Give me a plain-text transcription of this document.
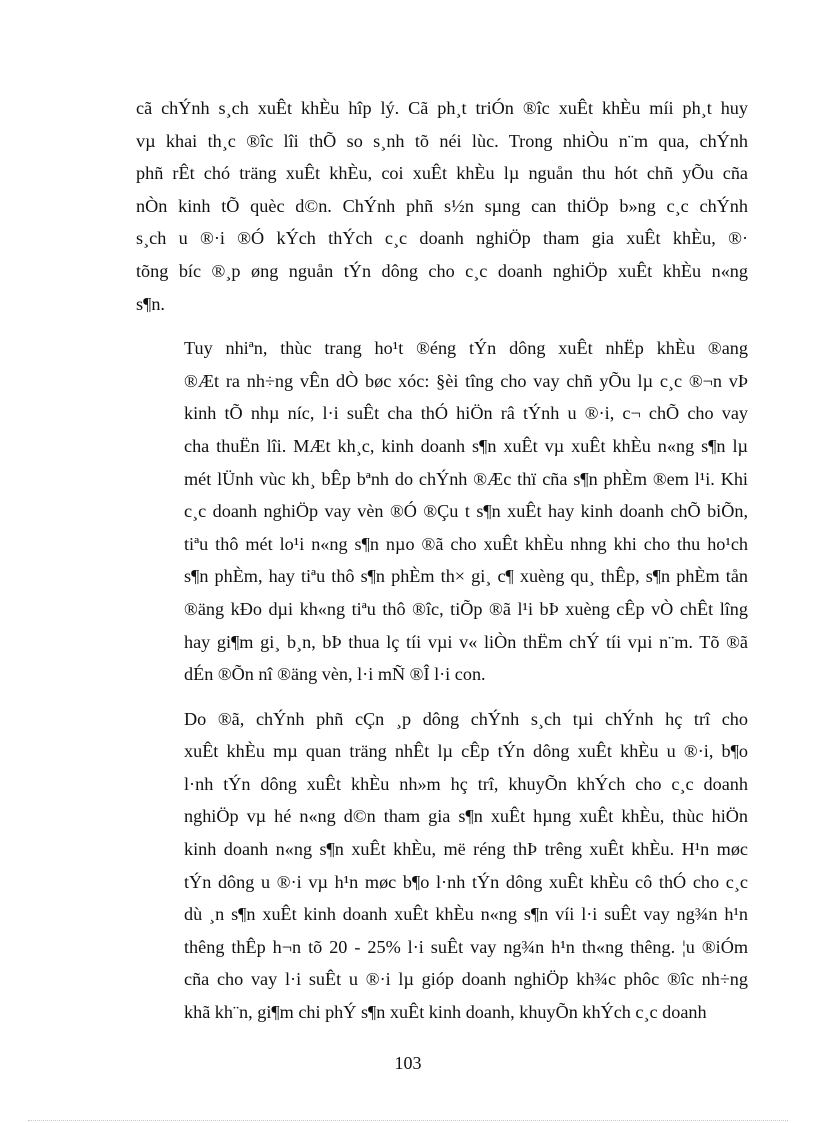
cã chÝnh s¸ch xuÊt khÈu hîp lý. Cã ph¸t triÓn ®îc xuÊt khÈu míi ph¸t huy
vµ khai th¸c ®îc lîi thÕ so s¸nh tõ néi lùc. Trong nhiÒu n¨m qua, chÝnh
phñ rÊt chó träng xuÊt khÈu, coi xuÊt khÈu lµ nguån thu hót chñ yÕu cña
nÒn kinh tÕ quèc d©n. ChÝnh phñ s½n sµng can thiÖp b»ng c¸c chÝnh
s¸ch u ®·i ®Ó kÝch thÝch c¸c doanh nghiÖp tham gia xuÊt khÈu, ®·
tõng bíc ®¸p øng nguån tÝn dông cho c¸c doanh nghiÖp xuÊt khÈu n«ng
s¶n.

Tuy nhiªn, thùc trang ho¹t ®éng tÝn dông xuÊt nhËp khÈu ®ang
®Æt ra nh÷ng vÊn dÒ bøc xóc: §èi tîng cho vay chñ yÕu lµ c¸c ®¬n vÞ
kinh tÕ nhµ níc, l·i suÊt cha thÓ hiÖn râ tÝnh u ®·i, c¬ chÕ cho vay
cha thuËn lîi. MÆt kh¸c, kinh doanh s¶n xuÊt vµ xuÊt khÈu n«ng s¶n lµ
mét lÜnh vùc kh¸ bÊp bªnh do chÝnh ®Æc thï cña s¶n phÈm ®em l¹i. Khi
c¸c doanh nghiÖp vay vèn ®Ó ®Çu t s¶n xuÊt hay kinh doanh chÕ biÕn,
tiªu thô mét lo¹i n«ng s¶n nµo ®ã cho xuÊt khÈu nhng khi cho thu ho¹ch
s¶n phÈm, hay tiªu thô s¶n phÈm th× gi¸ c¶ xuèng qu¸ thÊp, s¶n phÈm tån
®äng kÐo dµi kh«ng tiªu thô ®îc, tiÕp ®ã l¹i bÞ xuèng cÊp vÒ chÊt lîng
hay gi¶m gi¸ b¸n, bÞ thua lç tíi vµi v« liÒn thËm chÝ tíi vµi n¨m. Tõ ®ã
dÉn ®Õn nî ®äng vèn, l·i mÑ ®Î l·i con.

Do ®ã, chÝnh phñ cÇn ¸p dông chÝnh s¸ch tµi chÝnh hç trî cho
xuÊt khÈu mµ quan träng nhÊt lµ cÊp tÝn dông xuÊt khÈu u ®·i, b¶o
l·nh tÝn dông xuÊt khÈu nh»m hç trî, khuyÕn khÝch cho c¸c doanh
nghiÖp vµ hé n«ng d©n tham gia s¶n xuÊt hµng xuÊt khÈu, thùc hiÖn
kinh doanh n«ng s¶n xuÊt khÈu, më réng thÞ trêng xuÊt khÈu. H¹n møc
tÝn dông u ®·i vµ h¹n møc b¶o l·nh tÝn dông xuÊt khÈu cô thÓ cho c¸c
dù ¸n s¶n xuÊt kinh doanh xuÊt khÈu n«ng s¶n víi l·i suÊt vay ng¾n h¹n
thêng thÊp h¬n tõ 20 - 25% l·i suÊt vay ng¾n h¹n th«ng thêng. ¦u ®iÓm
cña cho vay l·i suÊt u ®·i lµ gióp doanh nghiÖp kh¾c phôc ®îc nh÷ng
khã kh¨n, gi¶m chi phÝ s¶n xuÊt kinh doanh, khuyÕn khÝch c¸c doanh

103
